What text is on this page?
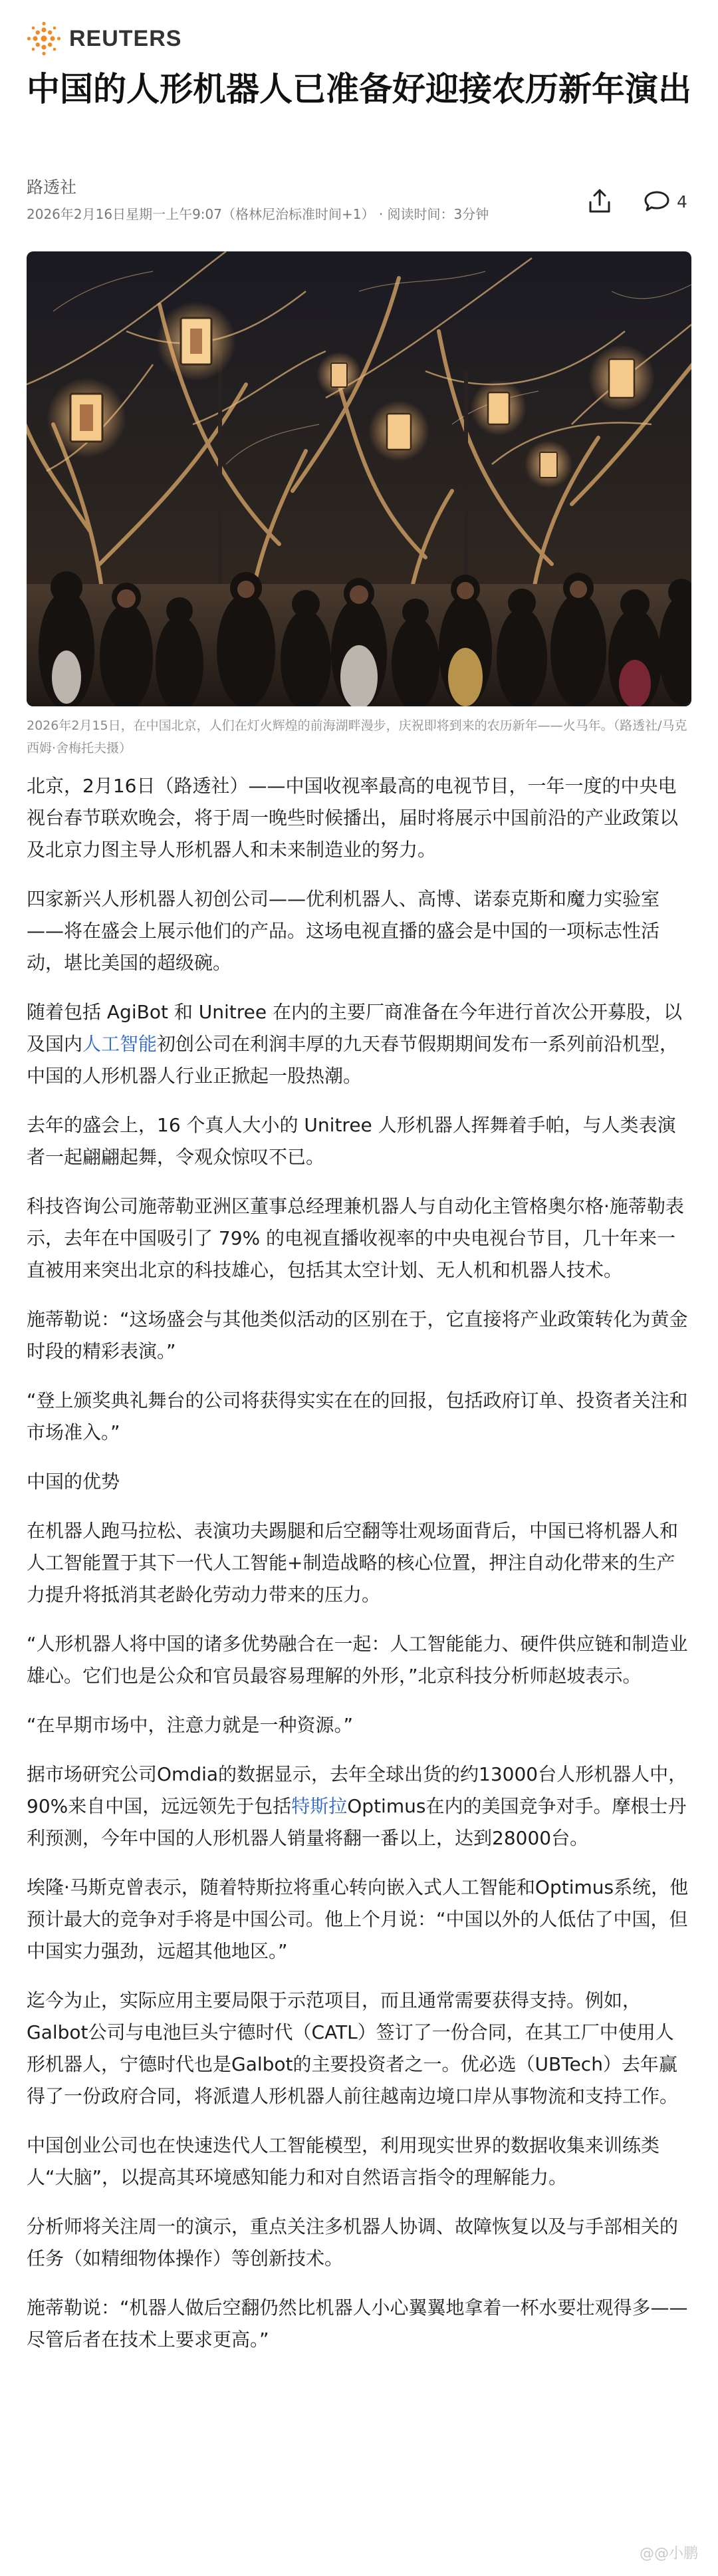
REUTERS
中国的人形机器人已准备好迎接农历新年演出
路透社
2026年2月16日星期一上午9:07（格林尼治标准时间+1） · 阅读时间：3分钟
4

2026年2月15日，在中国北京，人们在灯火辉煌的前海湖畔漫步，庆祝即将到来的农历新年——火马年。（路透社/马克西姆·舍梅托夫摄）

北京，2月16日（路透社）——中国收视率最高的电视节目，一年一度的中央电视台春节联欢晚会，将于周一晚些时候播出，届时将展示中国前沿的产业政策以及北京力图主导人形机器人和未来制造业的努力。

四家新兴人形机器人初创公司——优利机器人、高博、诺泰克斯和魔力实验室——将在盛会上展示他们的产品。这场电视直播的盛会是中国的一项标志性活动，堪比美国的超级碗。

随着包括 AgiBot 和 Unitree 在内的主要厂商准备在今年进行首次公开募股，以及国内人工智能初创公司在利润丰厚的九天春节假期期间发布一系列前沿机型，中国的人形机器人行业正掀起一股热潮。

去年的盛会上，16 个真人大小的 Unitree 人形机器人挥舞着手帕，与人类表演者一起翩翩起舞，令观众惊叹不已。

科技咨询公司施蒂勒亚洲区董事总经理兼机器人与自动化主管格奥尔格·施蒂勒表示，去年在中国吸引了 79% 的电视直播收视率的中央电视台节目，几十年来一直被用来突出北京的科技雄心，包括其太空计划、无人机和机器人技术。

施蒂勒说：“这场盛会与其他类似活动的区别在于，它直接将产业政策转化为黄金时段的精彩表演。”

“登上颁奖典礼舞台的公司将获得实实在在的回报，包括政府订单、投资者关注和市场准入。”

中国的优势

在机器人跑马拉松、表演功夫踢腿和后空翻等壮观场面背后，中国已将机器人和人工智能置于其下一代人工智能+制造战略的核心位置，押注自动化带来的生产力提升将抵消其老龄化劳动力带来的压力。

“人形机器人将中国的诸多优势融合在一起：人工智能能力、硬件供应链和制造业雄心。它们也是公众和官员最容易理解的外形，”北京科技分析师赵坡表示。

“在早期市场中，注意力就是一种资源。”

据市场研究公司Omdia的数据显示，去年全球出货的约13000台人形机器人中，90%来自中国，远远领先于包括特斯拉Optimus在内的美国竞争对手。摩根士丹利预测，今年中国的人形机器人销量将翻一番以上，达到28000台。

埃隆·马斯克曾表示，随着特斯拉将重心转向嵌入式人工智能和Optimus系统，他预计最大的竞争对手将是中国公司。他上个月说：“中国以外的人低估了中国，但中国实力强劲，远超其他地区。”

迄今为止，实际应用主要局限于示范项目，而且通常需要获得支持。例如，Galbot公司与电池巨头宁德时代（CATL）签订了一份合同，在其工厂中使用人形机器人，宁德时代也是Galbot的主要投资者之一。优必选（UBTech）去年赢得了一份政府合同，将派遣人形机器人前往越南边境口岸从事物流和支持工作。

中国创业公司也在快速迭代人工智能模型，利用现实世界的数据收集来训练类人“大脑”，以提高其环境感知能力和对自然语言指令的理解能力。

分析师将关注周一的演示，重点关注多机器人协调、故障恢复以及与手部相关的任务（如精细物体操作）等创新技术。

施蒂勒说：“机器人做后空翻仍然比机器人小心翼翼地拿着一杯水要壮观得多——尽管后者在技术上要求更高。”

@@小鹏
